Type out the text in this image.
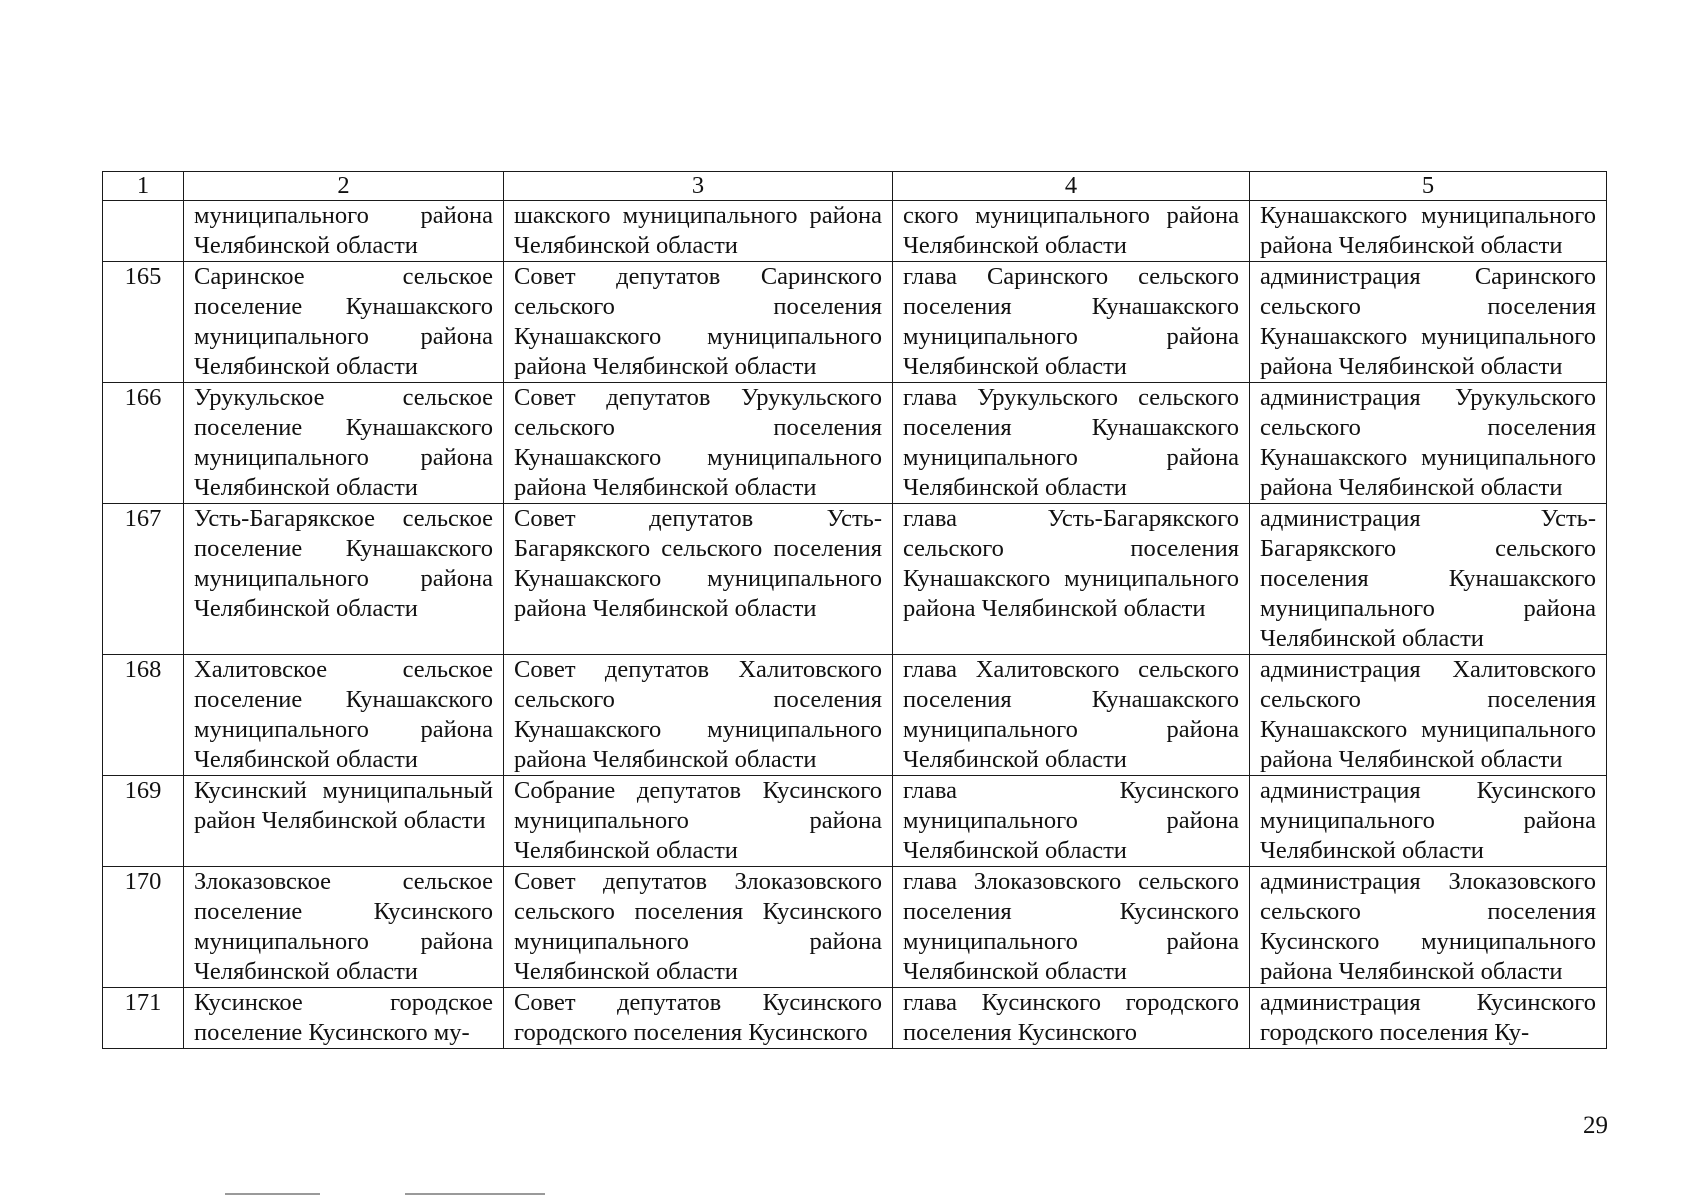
1	2	3	4	5
	муниципального района Челябинской области	шакского муниципального района Челябинской области	ского муниципального района Челябинской области	Кунашакского муниципального района Челябинской области
165	Саринское сельское поселение Кунашакского муниципального района Челябинской области	Совет депутатов Саринского сельского поселения Кунашакского муниципального района Челябинской области	глава Саринского сельского поселения Кунашакского муниципального района Челябинской области	администрация Саринского сельского поселения Кунашакского муниципального района Челябинской области
166	Урукульское сельское поселение Кунашакского муниципального района Челябинской области	Совет депутатов Урукульского сельского поселения Кунашакского муниципального района Челябинской области	глава Урукульского сельского поселения Кунашакского муниципального района Челябинской области	администрация Урукульского сельского поселения Кунашакского муниципального района Челябинской области
167	Усть-Багарякское сельское поселение Кунашакского муниципального района Челябинской области	Совет депутатов Усть-Багарякского сельского поселения Кунашакского муниципального района Челябинской области	глава Усть-Багарякского сельского поселения Кунашакского муниципального района Челябинской области	администрация Усть-Багарякского сельского поселения Кунашакского муниципального района Челябинской области
168	Халитовское сельское поселение Кунашакского муниципального района Челябинской области	Совет депутатов Халитовского сельского поселения Кунашакского муниципального района Челябинской области	глава Халитовского сельского поселения Кунашакского муниципального района Челябинской области	администрация Халитовского сельского поселения Кунашакского муниципального района Челябинской области
169	Кусинский муниципальный район Челябинской области	Собрание депутатов Кусинского муниципального района Челябинской области	глава Кусинского муниципального района Челябинской области	администрация Кусинского муниципального района Челябинской области
170	Злоказовское сельское поселение Кусинского муниципального района Челябинской области	Совет депутатов Злоказовского сельского поселения Кусинского муниципального района Челябинской области	глава Злоказовского сельского поселения Кусинского муниципального района Челябинской области	администрация Злоказовского сельского поселения Кусинского муниципального района Челябинской области
171	Кусинское городское поселение Кусинского му-	Совет депутатов Кусинского городского поселения Кусинского	глава Кусинского городского поселения Кусинского	администрация Кусинского городского поселения Ку-
29
